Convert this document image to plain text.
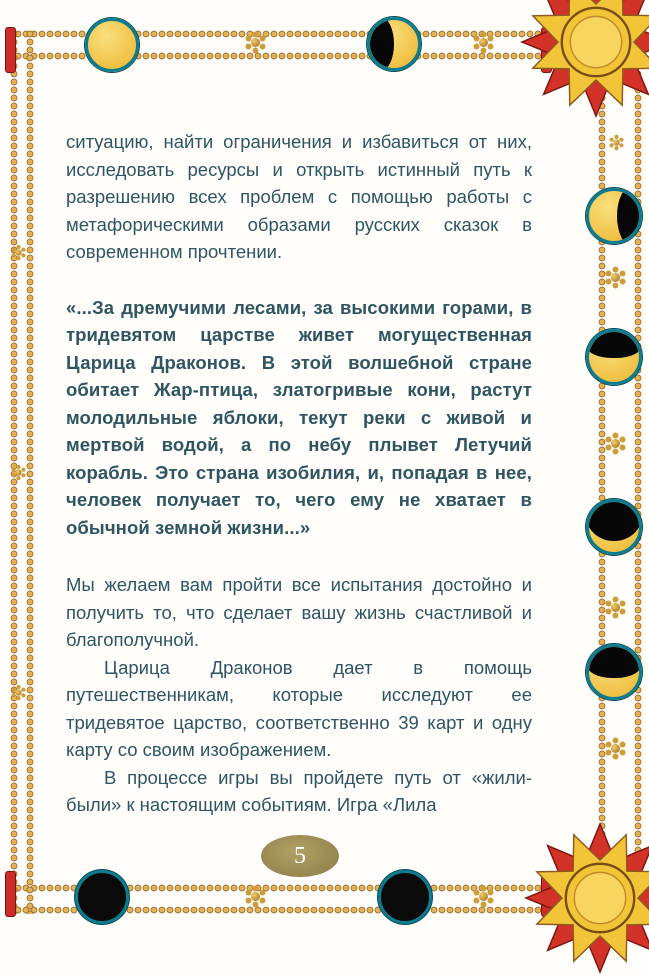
ситуацию, найти ограничения и избавиться от них, исследовать ресурсы и открыть истинный путь к разрешению всех проблем с помощью работы с метафорическими образами русских сказок в современном прочтении.

«...За дремучими лесами, за высокими горами, в тридевятом царстве живет могущественная Царица Драконов. В этой волшебной стране обитает Жар-птица, златогривые кони, растут молодильные яблоки, текут реки с живой и мертвой водой, а по небу плывет Летучий корабль. Это страна изобилия, и, попадая в нее, человек получает то, чего ему не хватает в обычной земной жизни...»

Мы желаем вам пройти все испытания достойно и получить то, что сделает вашу жизнь счастливой и благополучной.

Царица Драконов дает в помощь путешественникам, которые исследуют ее тридевятое царство, соответственно 39 карт и одну карту со своим изображением.

В процессе игры вы пройдете путь от «жили-были» к настоящим событиям. Игра «Лила

5
